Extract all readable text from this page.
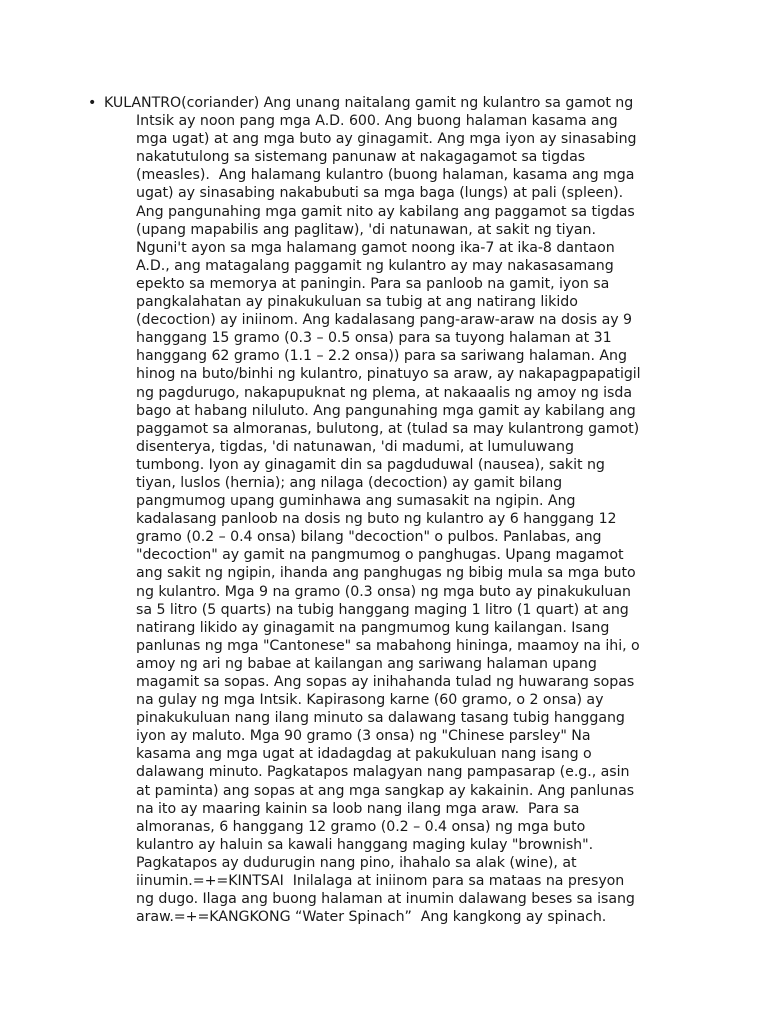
• KULANTRO(coriander) Ang unang naitalang gamit ng kulantro sa gamot ng
Intsik ay noon pang mga A.D. 600. Ang buong halaman kasama ang
mga ugat) at ang mga buto ay ginagamit. Ang mga iyon ay sinasabing
nakatutulong sa sistemang panunaw at nakagagamot sa tigdas
(measles).  Ang halamang kulantro (buong halaman, kasama ang mga
ugat) ay sinasabing nakabubuti sa mga baga (lungs) at pali (spleen).
Ang pangunahing mga gamit nito ay kabilang ang paggamot sa tigdas
(upang mapabilis ang paglitaw), 'di natunawan, at sakit ng tiyan.
Nguni't ayon sa mga halamang gamot noong ika-7 at ika-8 dantaon
A.D., ang matagalang paggamit ng kulantro ay may nakasasamang
epekto sa memorya at paningin. Para sa panloob na gamit, iyon sa
pangkalahatan ay pinakukuluan sa tubig at ang natirang likido
(decoction) ay iniinom. Ang kadalasang pang-araw-araw na dosis ay 9
hanggang 15 gramo (0.3 – 0.5 onsa) para sa tuyong halaman at 31
hanggang 62 gramo (1.1 – 2.2 onsa)) para sa sariwang halaman. Ang
hinog na buto/binhi ng kulantro, pinatuyo sa araw, ay nakapagpapatigil
ng pagdurugo, nakapupuknat ng plema, at nakaaalis ng amoy ng isda
bago at habang niluluto. Ang pangunahing mga gamit ay kabilang ang
paggamot sa almoranas, bulutong, at (tulad sa may kulantrong gamot)
disenterya, tigdas, 'di natunawan, 'di madumi, at lumuluwang
tumbong. Iyon ay ginagamit din sa pagduduwal (nausea), sakit ng
tiyan, luslos (hernia); ang nilaga (decoction) ay gamit bilang
pangmumog upang guminhawa ang sumasakit na ngipin. Ang
kadalasang panloob na dosis ng buto ng kulantro ay 6 hanggang 12
gramo (0.2 – 0.4 onsa) bilang "decoction" o pulbos. Panlabas, ang
"decoction" ay gamit na pangmumog o panghugas. Upang magamot
ang sakit ng ngipin, ihanda ang panghugas ng bibig mula sa mga buto
ng kulantro. Mga 9 na gramo (0.3 onsa) ng mga buto ay pinakukuluan
sa 5 litro (5 quarts) na tubig hanggang maging 1 litro (1 quart) at ang
natirang likido ay ginagamit na pangmumog kung kailangan. Isang
panlunas ng mga "Cantonese" sa mabahong hininga, maamoy na ihi, o
amoy ng ari ng babae at kailangan ang sariwang halaman upang
magamit sa sopas. Ang sopas ay inihahanda tulad ng huwarang sopas
na gulay ng mga Intsik. Kapirasong karne (60 gramo, o 2 onsa) ay
pinakukuluan nang ilang minuto sa dalawang tasang tubig hanggang
iyon ay maluto. Mga 90 gramo (3 onsa) ng "Chinese parsley" Na
kasama ang mga ugat at idadagdag at pakukuluan nang isang o
dalawang minuto. Pagkatapos malagyan nang pampasarap (e.g., asin
at paminta) ang sopas at ang mga sangkap ay kakainin. Ang panlunas
na ito ay maaring kainin sa loob nang ilang mga araw.  Para sa
almoranas, 6 hanggang 12 gramo (0.2 – 0.4 onsa) ng mga buto
kulantro ay haluin sa kawali hanggang maging kulay "brownish".
Pagkatapos ay dudurugin nang pino, ihahalo sa alak (wine), at
iinumin.=+=KINTSAI  Inilalaga at iniinom para sa mataas na presyon
ng dugo. Ilaga ang buong halaman at inumin dalawang beses sa isang
araw.=+=KANGKONG “Water Spinach”  Ang kangkong ay spinach.
